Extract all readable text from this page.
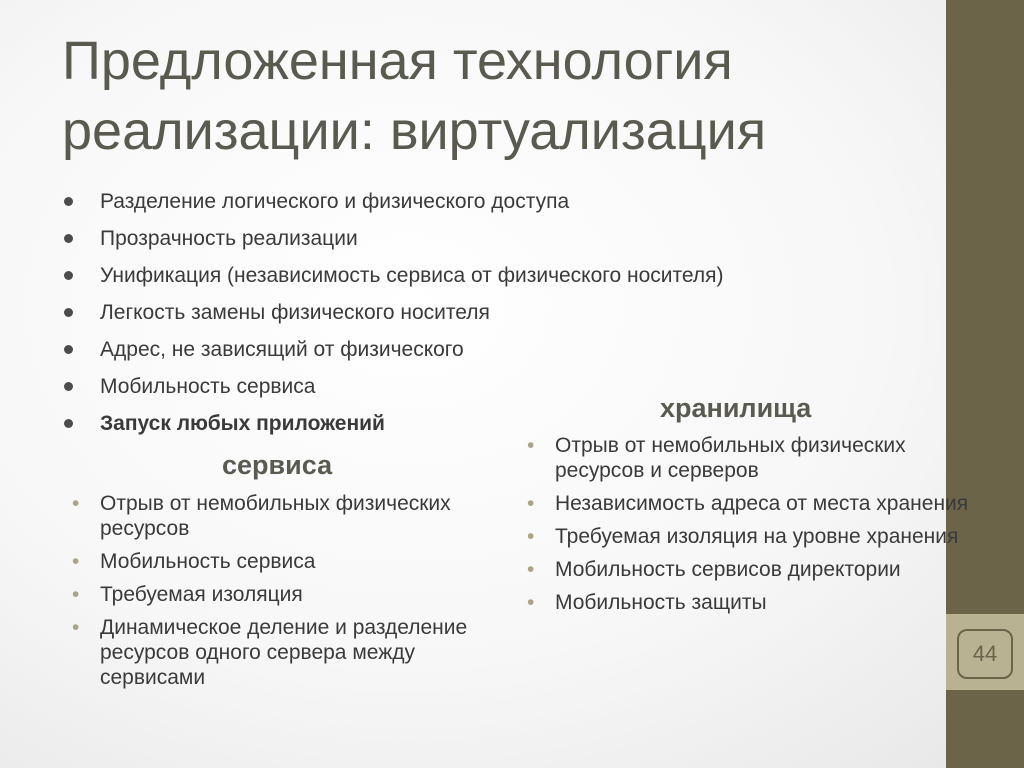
44
Предложенная технология реализации: виртуализация
Разделение логического и физического доступа
Прозрачность реализации
Унификация (независимость сервиса от физического носителя)
Легкость замены физического носителя
Адрес, не зависящий от физического
Мобильность сервиса
Запуск любых приложений
сервиса
• Отрыв от немобильных физических ресурсов
• Мобильность сервиса
• Требуемая изоляция
• Динамическое деление и разделение ресурсов одного сервера между сервисами
хранилища
• Отрыв от немобильных физических ресурсов и серверов
• Независимость адреса от места хранения
• Требуемая изоляция на уровне хранения
• Мобильность сервисов директории
• Мобильность защиты
